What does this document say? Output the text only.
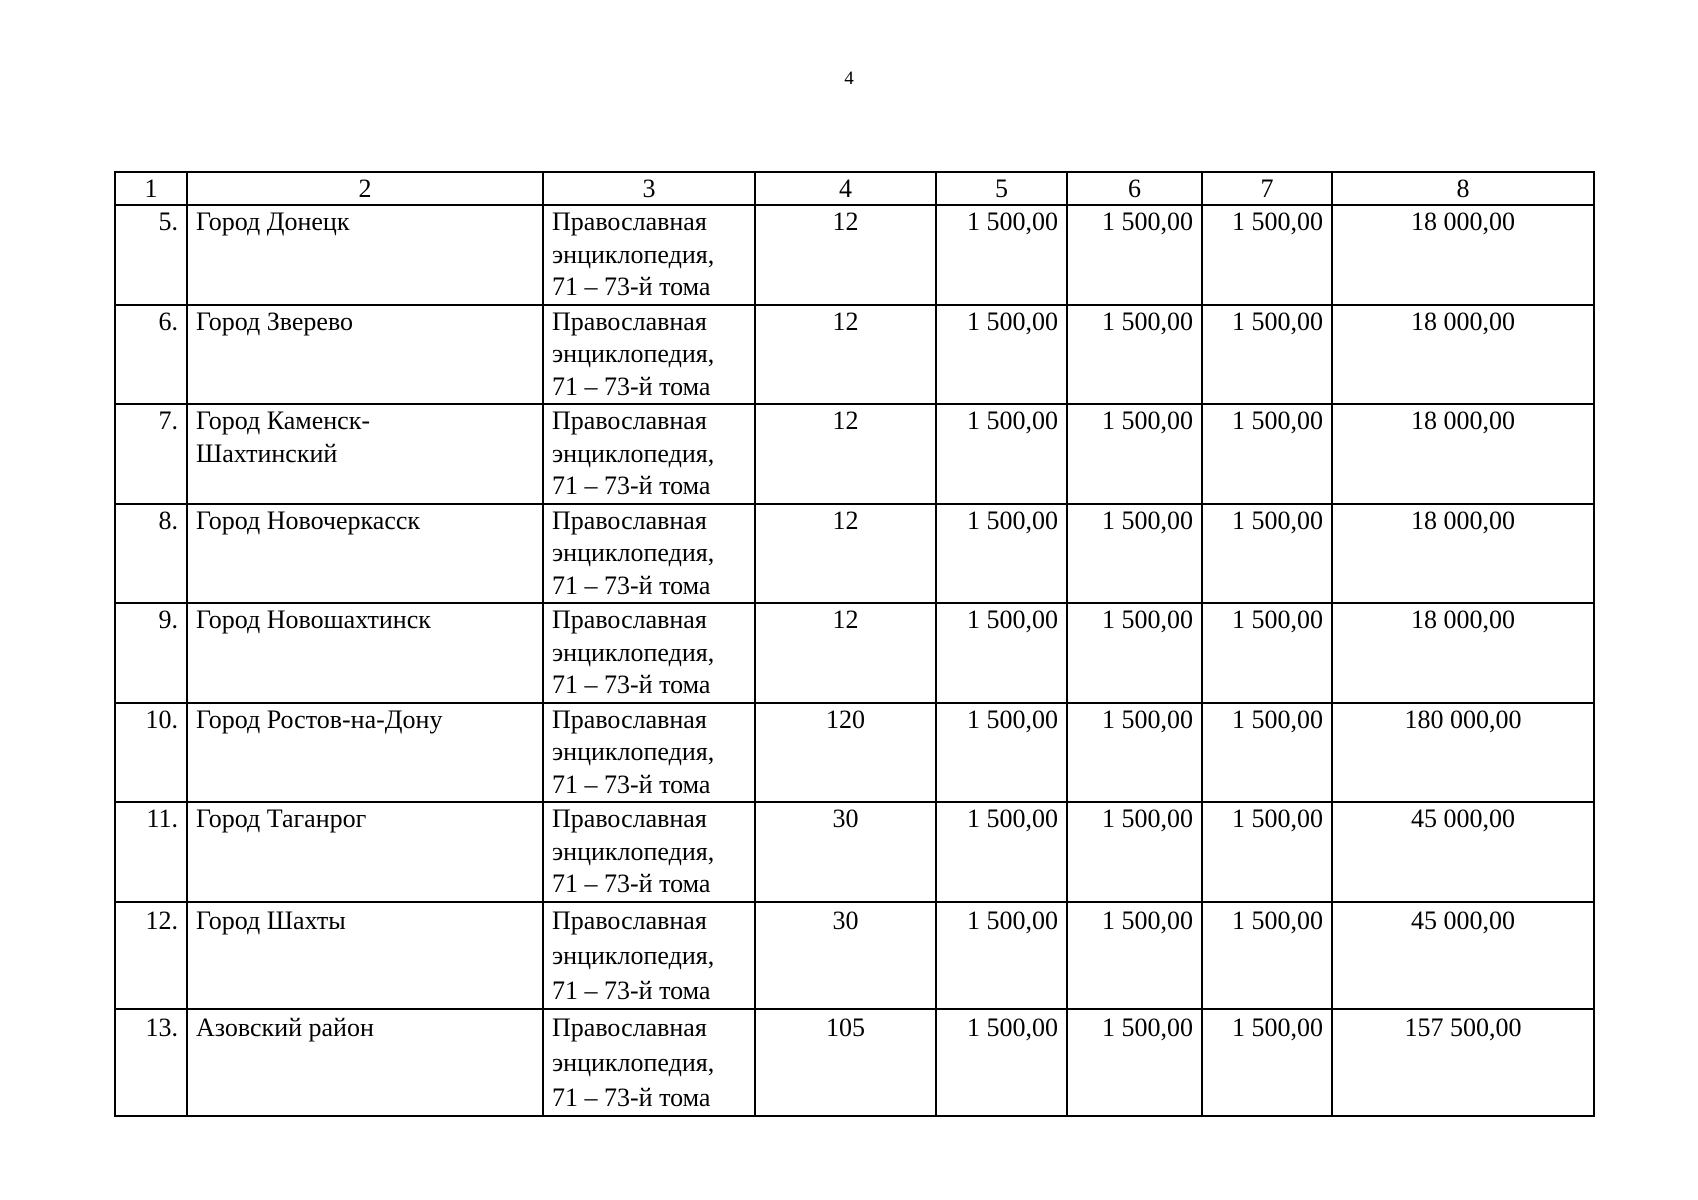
4
1	2	3	4	5	6	7	8
5.	Город Донецк	Православная
энциклопедия,
71 – 73-й тома	12	1 500,00	1 500,00	1 500,00	18 000,00
6.	Город Зверево	Православная
энциклопедия,
71 – 73-й тома	12	1 500,00	1 500,00	1 500,00	18 000,00
7.	Город Каменск-
Шахтинский	Православная
энциклопедия,
71 – 73-й тома	12	1 500,00	1 500,00	1 500,00	18 000,00
8.	Город Новочеркасск	Православная
энциклопедия,
71 – 73-й тома	12	1 500,00	1 500,00	1 500,00	18 000,00
9.	Город Новошахтинск	Православная
энциклопедия,
71 – 73-й тома	12	1 500,00	1 500,00	1 500,00	18 000,00
10.	Город Ростов-на-Дону	Православная
энциклопедия,
71 – 73-й тома	120	1 500,00	1 500,00	1 500,00	180 000,00
11.	Город Таганрог	Православная
энциклопедия,
71 – 73-й тома	30	1 500,00	1 500,00	1 500,00	45 000,00
12.	Город Шахты	Православная
энциклопедия,
71 – 73-й тома	30	1 500,00	1 500,00	1 500,00	45 000,00
13.	Азовский район	Православная
энциклопедия,
71 – 73-й тома	105	1 500,00	1 500,00	1 500,00	157 500,00
